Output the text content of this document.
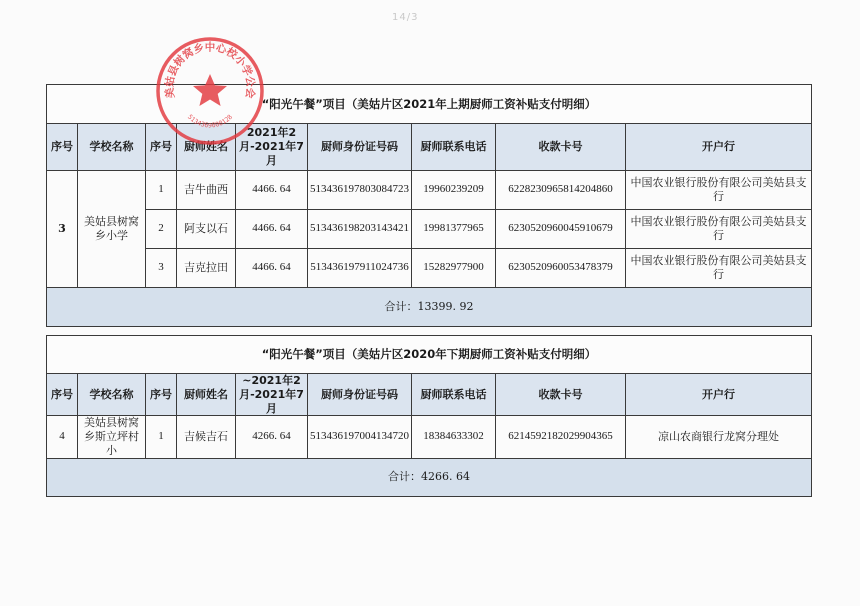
14/3
“阳光午餐”项目（美姑片区2021年上期厨师工资补贴支付明细）								
序号	学校名称	序号	厨师姓名	2021年2月-2021年7月	厨师身份证号码	厨师联系电话	收款卡号	开户行
3	美姑县树窝乡小学	1	吉牛曲西	4466. 64	513436197803084723	19960239209	6228230965814204860	中国农业银行股份有限公司美姑县支行
		2	阿支以石	4466. 64	513436198203143421	19981377965	6230520960045910679	中国农业银行股份有限公司美姑县支行
		3	吉克拉田	4466. 64	513436197911024736	15282977900	6230520960053478379	中国农业银行股份有限公司美姑县支行
合计：13399. 92								
“阳光午餐”项目（美姑片区2020年下期厨师工资补贴支付明细）								
序号	学校名称	序号	厨师姓名	~2021年2月-2021年7月	厨师身份证号码	厨师联系电话	收款卡号	开户行
4	美姑县树窝乡斯立坪村小	1	吉候吉石	4266. 64	513436197004134720	18384633302	6214592182029904365	凉山农商银行龙窝分理处
合计：4266. 64								
美姑县树窝乡中心校小学公会
5134369000128
